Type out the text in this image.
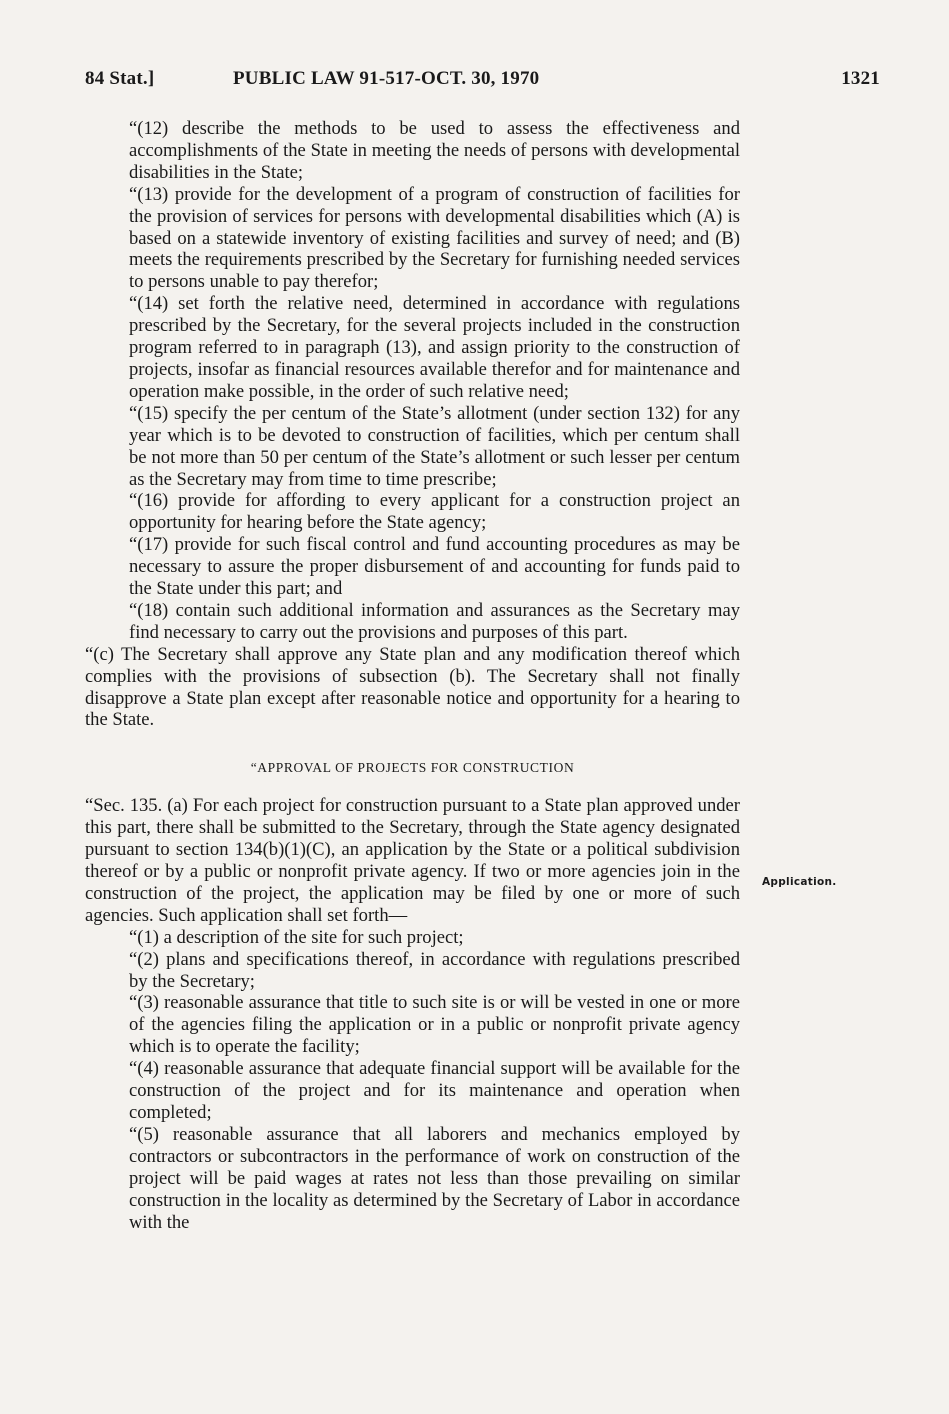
84 Stat.]	PUBLIC LAW 91-517-OCT. 30, 1970	1321
Application.

“(12) describe the methods to be used to assess the effectiveness and accomplishments of the State in meeting the needs of persons with developmental disabilities in the State;

“(13) provide for the development of a program of construction of facilities for the provision of services for persons with developmental disabilities which (A) is based on a statewide inventory of existing facilities and survey of need; and (B) meets the requirements prescribed by the Secretary for furnishing needed services to persons unable to pay therefor;

“(14) set forth the relative need, determined in accordance with regulations prescribed by the Secretary, for the several projects included in the construction program referred to in paragraph (13), and assign priority to the construction of projects, insofar as financial resources available therefor and for maintenance and operation make possible, in the order of such relative need;

“(15) specify the per centum of the State’s allotment (under section 132) for any year which is to be devoted to construction of facilities, which per centum shall be not more than 50 per centum of the State’s allotment or such lesser per centum as the Secretary may from time to time prescribe;

“(16) provide for affording to every applicant for a construction project an opportunity for hearing before the State agency;

“(17) provide for such fiscal control and fund accounting procedures as may be necessary to assure the proper disbursement of and accounting for funds paid to the State under this part; and

“(18) contain such additional information and assurances as the Secretary may find necessary to carry out the provisions and purposes of this part.

“(c) The Secretary shall approve any State plan and any modification thereof which complies with the provisions of subsection (b). The Secretary shall not finally disapprove a State plan except after reasonable notice and opportunity for a hearing to the State.

“APPROVAL OF PROJECTS FOR CONSTRUCTION

“Sec. 135. (a) For each project for construction pursuant to a State plan approved under this part, there shall be submitted to the Secretary, through the State agency designated pursuant to section 134(b)(1)(C), an application by the State or a political subdivision thereof or by a public or nonprofit private agency. If two or more agencies join in the construction of the project, the application may be filed by one or more of such agencies. Such application shall set forth—

“(1) a description of the site for such project;

“(2) plans and specifications thereof, in accordance with regulations prescribed by the Secretary;

“(3) reasonable assurance that title to such site is or will be vested in one or more of the agencies filing the application or in a public or nonprofit private agency which is to operate the facility;

“(4) reasonable assurance that adequate financial support will be available for the construction of the project and for its maintenance and operation when completed;

“(5) reasonable assurance that all laborers and mechanics employed by contractors or subcontractors in the performance of work on construction of the project will be paid wages at rates not less than those prevailing on similar construction in the locality as determined by the Secretary of Labor in accordance with the
